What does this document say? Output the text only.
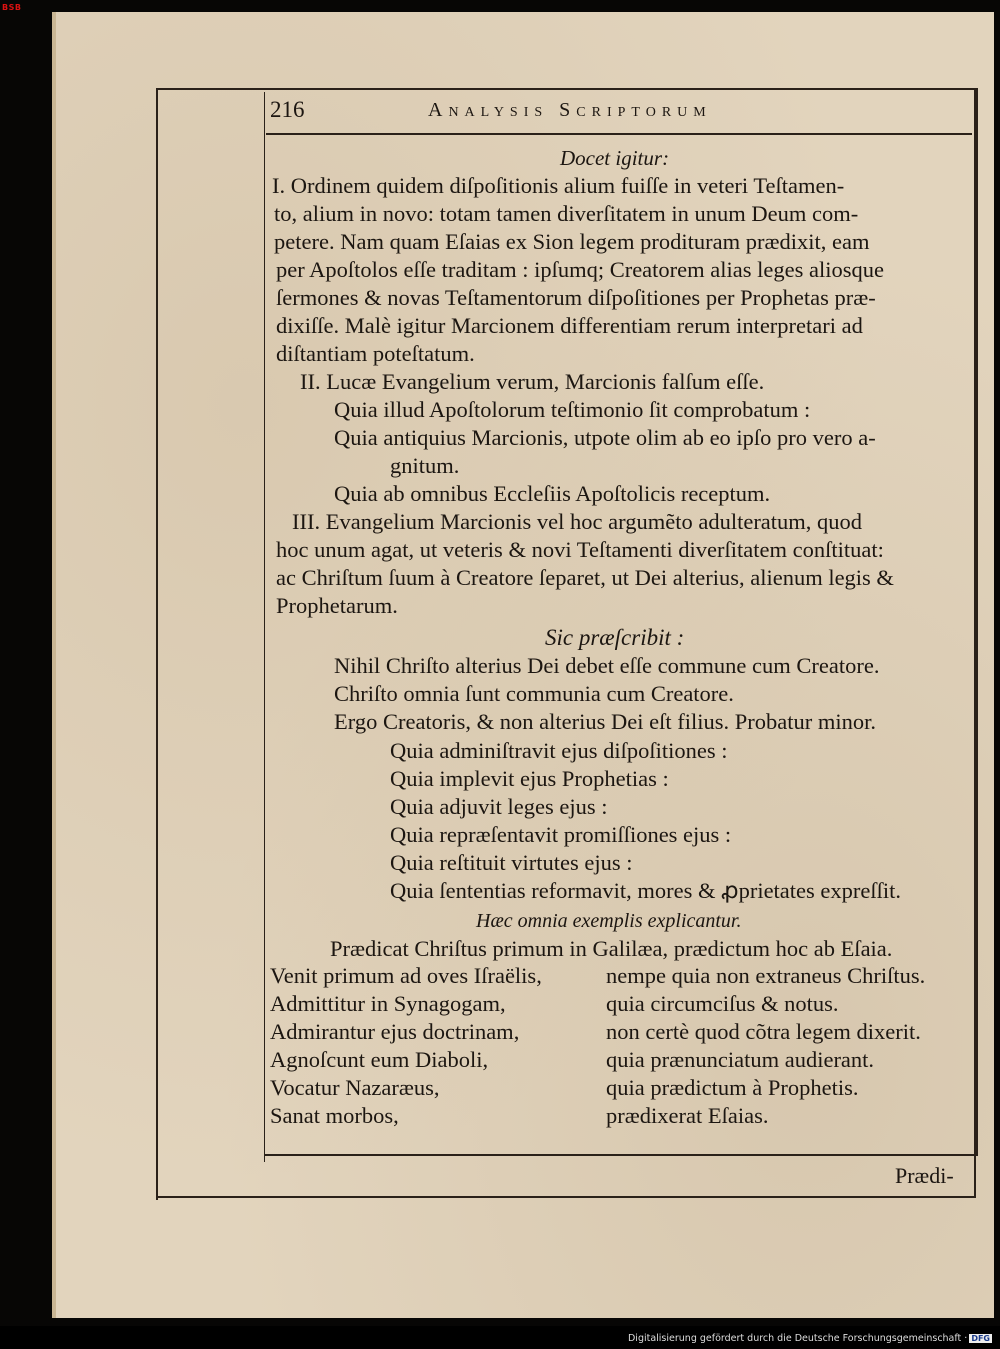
BSB
216	Analysis Scriptorum
Docet igitur:
I. Ordinem quidem diſpoſitionis alium fuiſſe in veteri Teſtamen-
to, alium in novo: totam tamen diverſitatem in unum Deum com-
petere. Nam quam Eſaias ex Sion legem prodituram prædixit, eam
per Apoſtolos eſſe traditam : ipſumq; Creatorem alias leges aliosque
ſermones & novas Teſtamentorum diſpoſitiones per Prophetas præ-
dixiſſe. Malè igitur Marcionem differentiam rerum interpretari ad
diſtantiam poteſtatum.
II. Lucæ Evangelium verum, Marcionis falſum eſſe.
Quia illud Apoſtolorum teſtimonio ſit comprobatum :
Quia antiquius Marcionis, utpote olim ab eo ipſo pro vero a-
gnitum.
Quia ab omnibus Eccleſiis Apoſtolicis receptum.
III. Evangelium Marcionis vel hoc argumẽto adulteratum, quod
hoc unum agat, ut veteris & novi Teſtamenti diverſitatem conſtituat:
ac Chriſtum ſuum à Creatore ſeparet, ut Dei alterius, alienum legis &
Prophetarum.
Sic præſcribit :
Nihil Chriſto alterius Dei debet eſſe commune cum Creatore.
Chriſto omnia ſunt communia cum Creatore.
Ergo Creatoris, & non alterius Dei eſt filius. Probatur minor.
Quia adminiſtravit ejus diſpoſitiones :
Quia implevit ejus Prophetias :
Quia adjuvit leges ejus :
Quia repræſentavit promiſſiones ejus :
Quia reſtituit virtutes ejus :
Quia ſententias reformavit, mores & ꝓprietates expreſſit.
Hæc omnia exemplis explicantur.
Prædicat Chriſtus primum in Galilæa, prædictum hoc ab Eſaia.
Venit primum ad oves Iſraëlis,	nempe quia non extraneus Chriſtus.
Admittitur in Synagogam,	quia circumciſus & notus.
Admirantur ejus doctrinam,	non certè quod cõtra legem dixerit.
Agnoſcunt eum Diaboli,	quia prænunciatum audierant.
Vocatur Nazaræus,	quia prædictum à Prophetis.
Sanat morbos,	prædixerat Eſaias.
Prædi-
Digitalisierung gefördert durch die Deutsche Forschungsgemeinschaft · DFG
